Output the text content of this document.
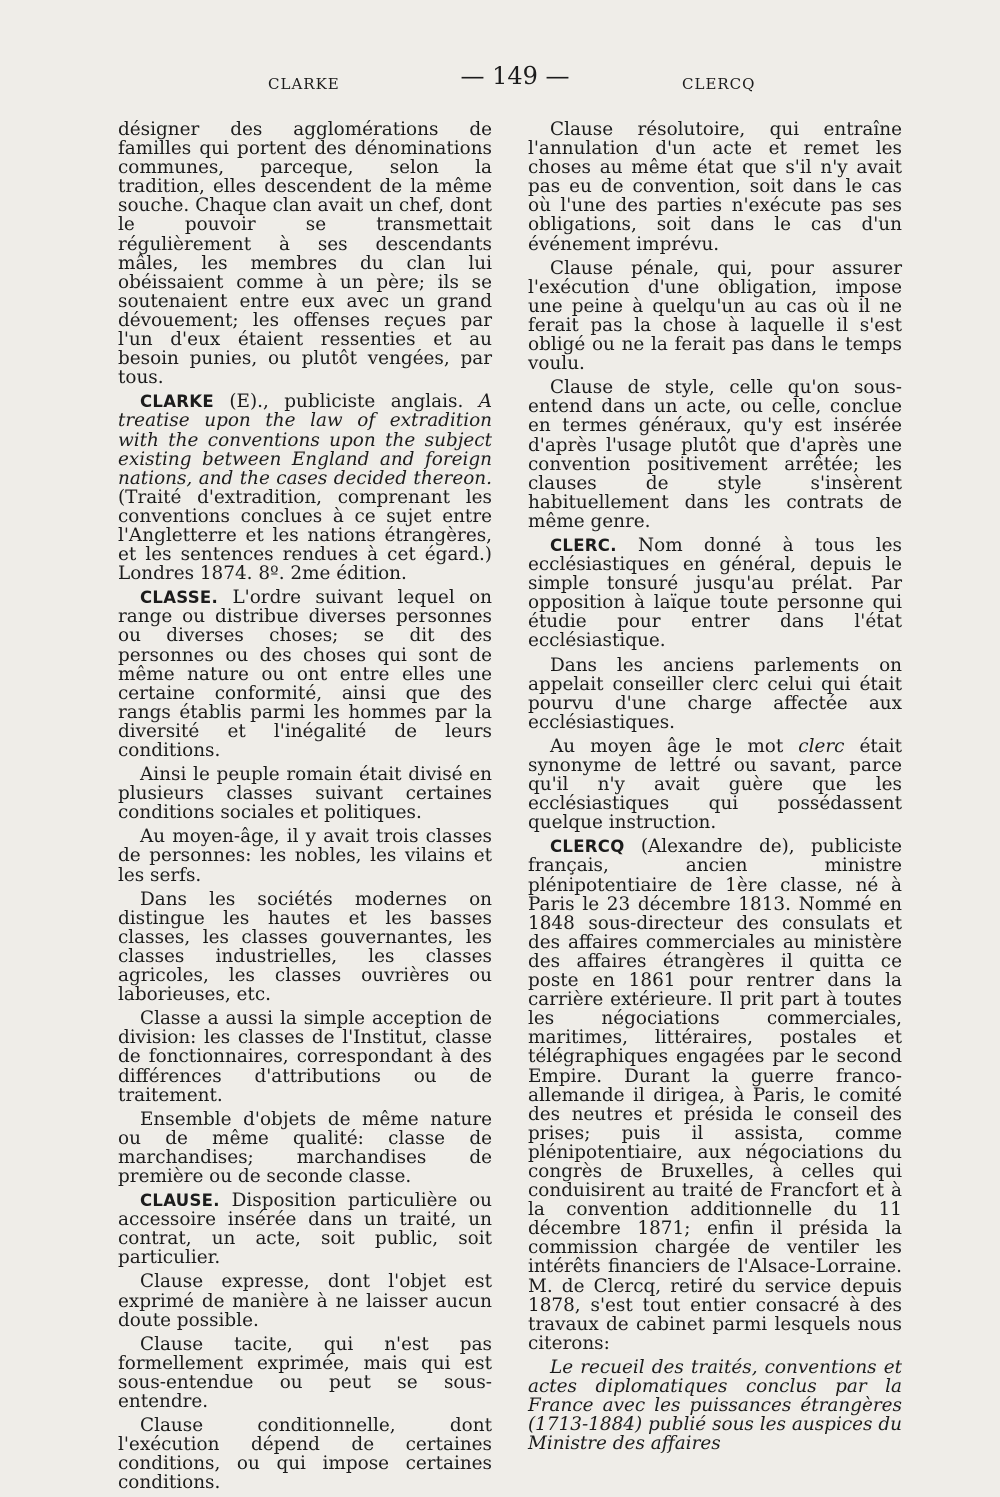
CLARKE	— 149 —	CLERCQ

désigner des agglomérations de familles qui portent des dénominations communes, parceque, selon la tradition, elles descendent de la même souche. Chaque clan avait un chef, dont le pouvoir se transmettait régulièrement à ses descendants mâles, les membres du clan lui obéissaient comme à un père; ils se soutenaient entre eux avec un grand dévouement; les offenses reçues par l'un d'eux étaient ressenties et au besoin punies, ou plutôt vengées, par tous.

CLARKE (E)., publiciste anglais. A treatise upon the law of extradition with the conventions upon the subject existing between England and foreign nations, and the cases decided thereon. (Traité d'extradition, comprenant les conventions conclues à ce sujet entre l'Angletterre et les nations étrangères, et les sentences rendues à cet égard.) Londres 1874. 8º. 2me édition.

CLASSE. L'ordre suivant lequel on range ou distribue diverses personnes ou diverses choses; se dit des personnes ou des choses qui sont de même nature ou ont entre elles une certaine conformité, ainsi que des rangs établis parmi les hommes par la diversité et l'inégalité de leurs conditions.

Ainsi le peuple romain était divisé en plusieurs classes suivant certaines conditions sociales et politiques.

Au moyen-âge, il y avait trois classes de personnes: les nobles, les vilains et les serfs.

Dans les sociétés modernes on distingue les hautes et les basses classes, les classes gouvernantes, les classes industrielles, les classes agricoles, les classes ouvrières ou laborieuses, etc.

Classe a aussi la simple acception de division: les classes de l'Institut, classe de fonctionnaires, correspondant à des différences d'attributions ou de traitement.

Ensemble d'objets de même nature ou de même qualité: classe de marchandises; marchandises de première ou de seconde classe.

CLAUSE. Disposition particulière ou accessoire insérée dans un traité, un contrat, un acte, soit public, soit particulier.

Clause expresse, dont l'objet est exprimé de manière à ne laisser aucun doute possible.

Clause tacite, qui n'est pas formellement exprimée, mais qui est sous-entendue ou peut se sous-entendre.

Clause conditionnelle, dont l'exécution dépend de certaines conditions, ou qui impose certaines conditions.

Clause résolutoire, qui entraîne l'annulation d'un acte et remet les choses au même état que s'il n'y avait pas eu de convention, soit dans le cas où l'une des parties n'exécute pas ses obligations, soit dans le cas d'un événement imprévu.

Clause pénale, qui, pour assurer l'exécution d'une obligation, impose une peine à quelqu'un au cas où il ne ferait pas la chose à laquelle il s'est obligé ou ne la ferait pas dans le temps voulu.

Clause de style, celle qu'on sous-entend dans un acte, ou celle, conclue en termes généraux, qu'y est insérée d'après l'usage plutôt que d'après une convention positivement arrêtée; les clauses de style s'insèrent habituellement dans les contrats de même genre.

CLERC. Nom donné à tous les ecclésiastiques en général, depuis le simple tonsuré jusqu'au prélat. Par opposition à laïque toute personne qui étudie pour entrer dans l'état ecclésiastique.

Dans les anciens parlements on appelait conseiller clerc celui qui était pourvu d'une charge affectée aux ecclésiastiques.

Au moyen âge le mot clerc était synonyme de lettré ou savant, parce qu'il n'y avait guère que les ecclésiastiques qui possédassent quelque instruction.

CLERCQ (Alexandre de), publiciste français, ancien ministre plénipotentiaire de 1ère classe, né à Paris le 23 décembre 1813. Nommé en 1848 sous-directeur des consulats et des affaires commerciales au ministère des affaires étrangères il quitta ce poste en 1861 pour rentrer dans la carrière extérieure. Il prit part à toutes les négociations commerciales, maritimes, littéraires, postales et télégraphiques engagées par le second Empire. Durant la guerre franco-allemande il dirigea, à Paris, le comité des neutres et présida le conseil des prises; puis il assista, comme plénipotentiaire, aux négociations du congrès de Bruxelles, à celles qui conduisirent au traité de Francfort et à la convention additionnelle du 11 décembre 1871; enfin il présida la commission chargée de ventiler les intérêts financiers de l'Alsace-Lorraine. M. de Clercq, retiré du service depuis 1878, s'est tout entier consacré à des travaux de cabinet parmi lesquels nous citerons:

Le recueil des traités, conventions et actes diplomatiques conclus par la France avec les puissances étrangères (1713-1884) publié sous les auspices du Ministre des affaires
